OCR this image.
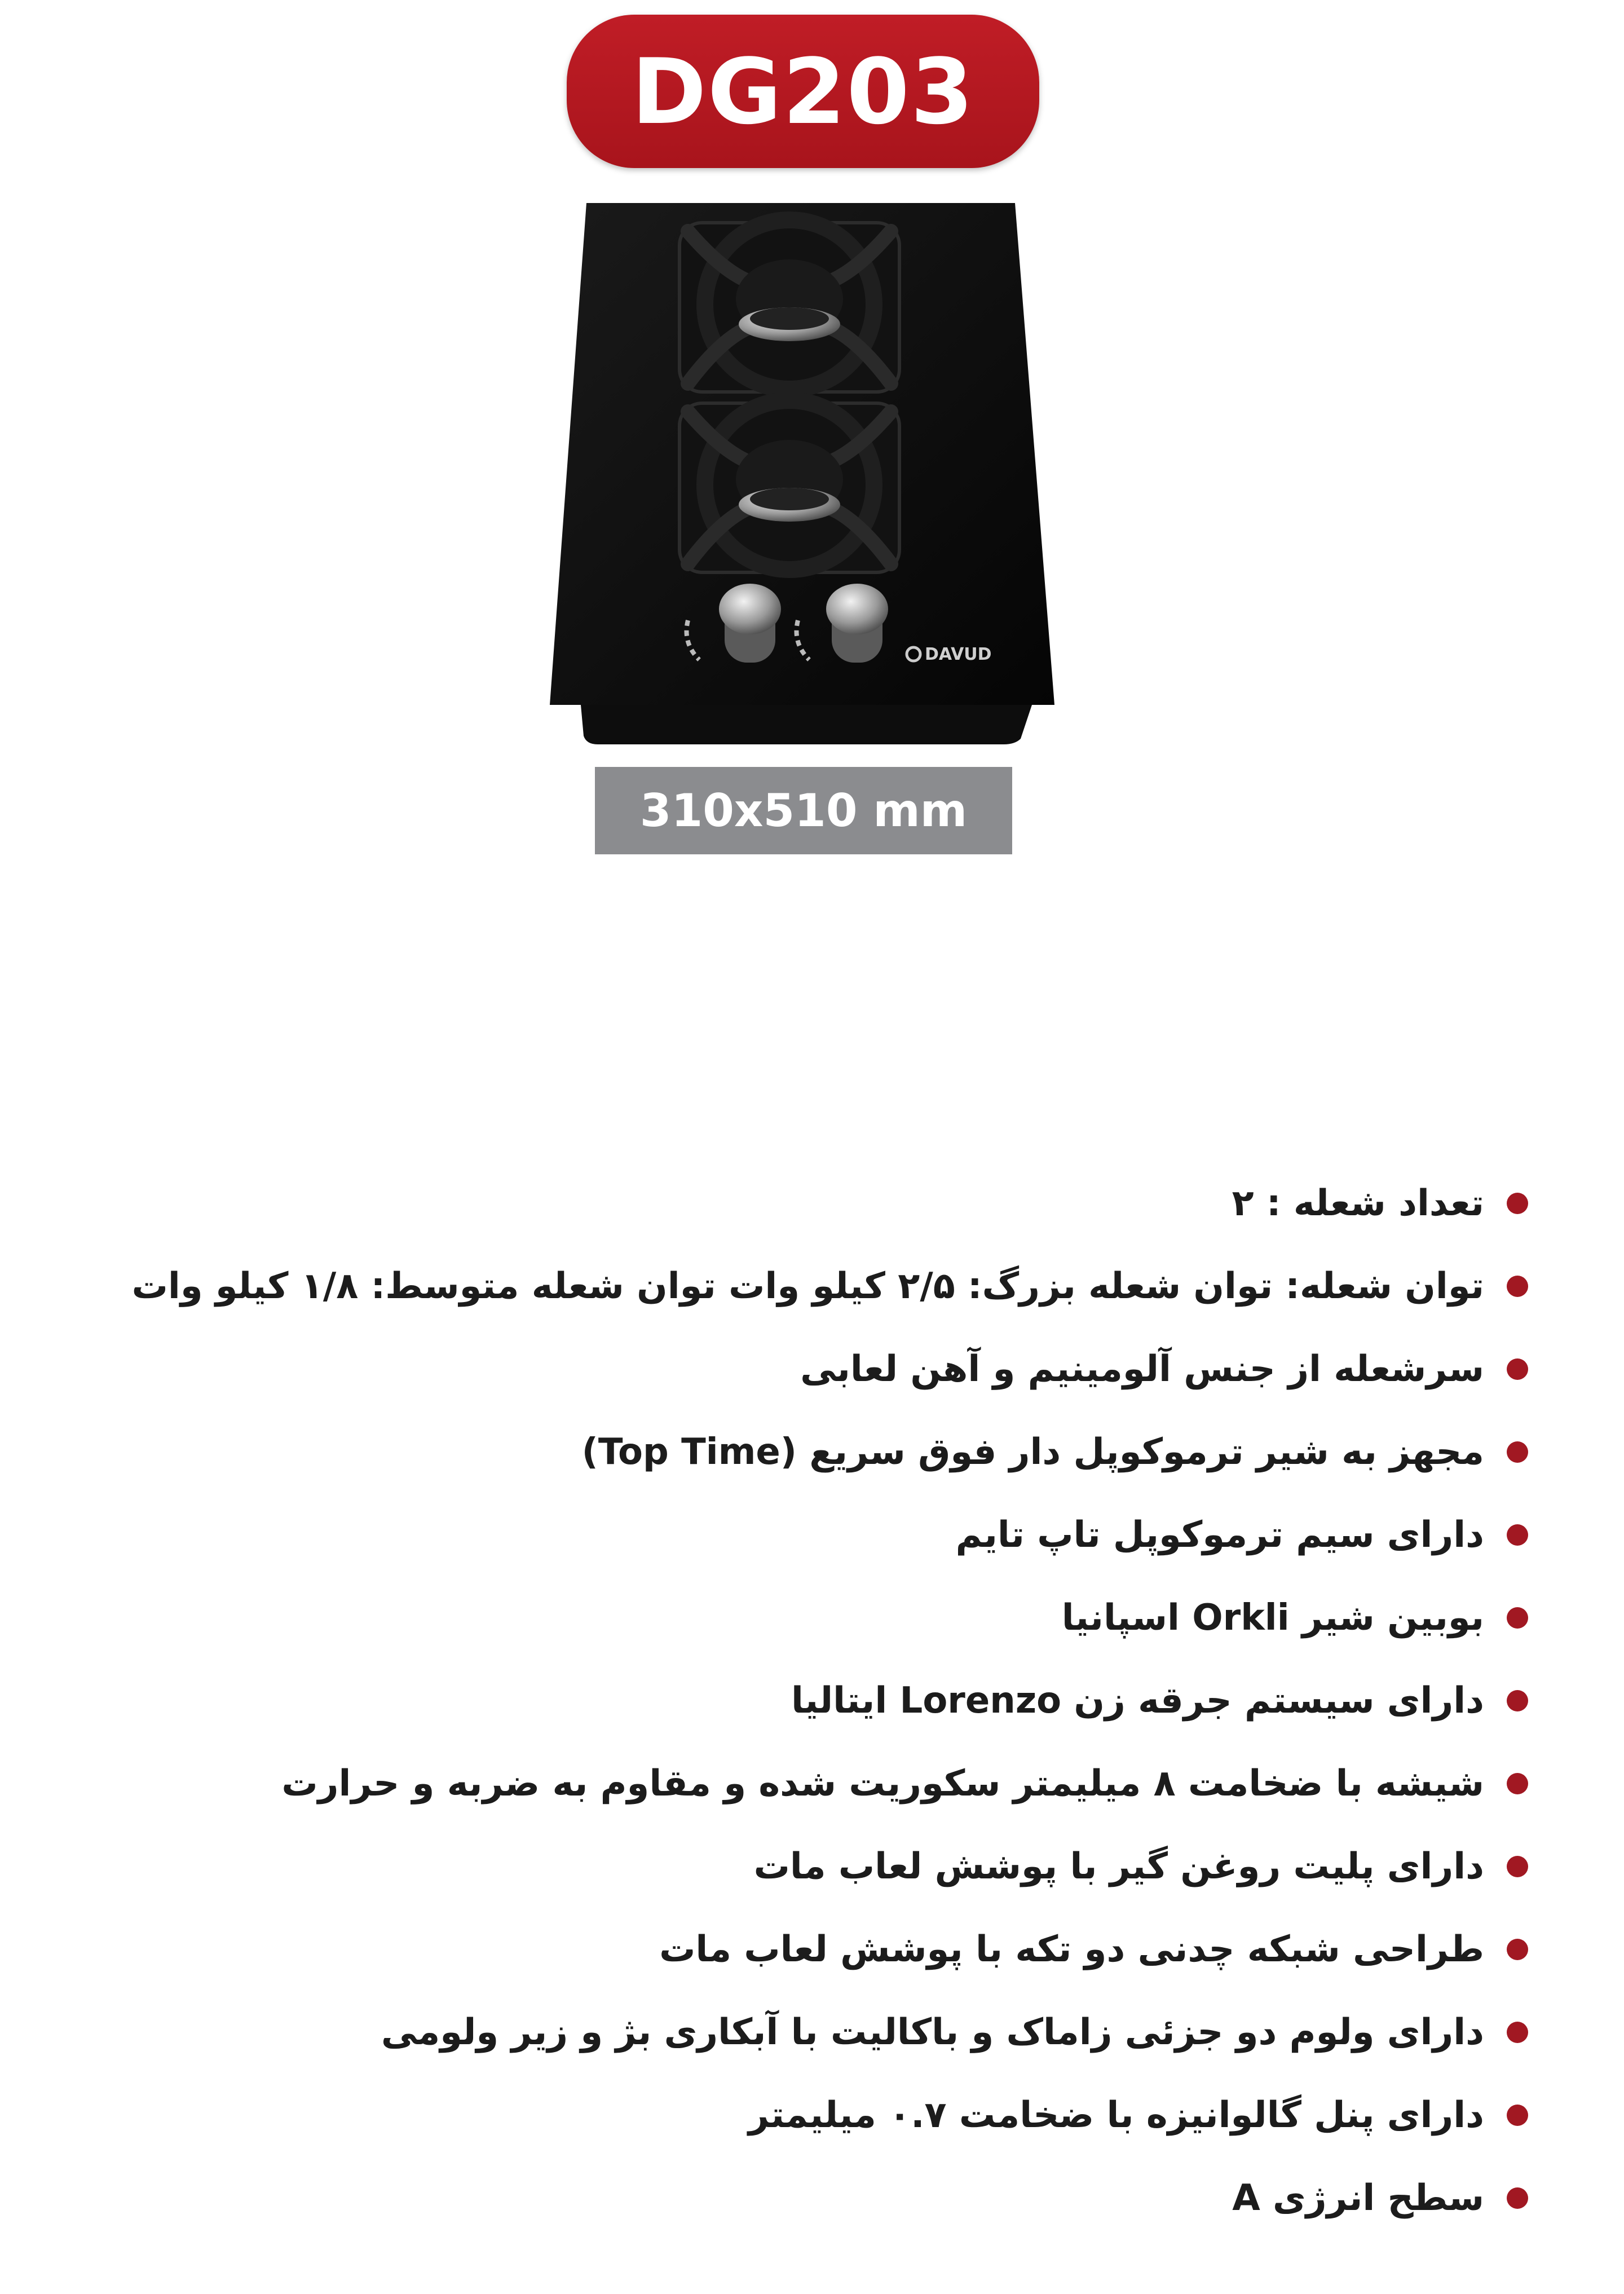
DG203
DAVUD
310x510 mm
تعداد شعله : ۲
توان شعله: توان شعله بزرگ: ۲/۵ کیلو وات توان شعله متوسط: ۱/۸ کیلو وات
سرشعله از جنس آلومینیم و آهن لعابی
مجهز به شیر ترموکوپل دار فوق سریع (Top Time)
دارای سیم ترموکوپل تاپ تایم
بوبین شیر Orkli اسپانیا
دارای سیستم جرقه زن Lorenzo ایتالیا
شیشه با ضخامت ۸ میلیمتر سکوریت شده و مقاوم به ضربه و حرارت
دارای پلیت روغن گیر با پوشش لعاب مات
طراحی شبکه چدنی دو تکه با پوشش لعاب مات
دارای ولوم دو جزئی زاماک و باکالیت با آبکاری بژ و زیر ولومی
دارای پنل گالوانیزه با ضخامت ۰.۷ میلیمتر
سطح انرژی A
